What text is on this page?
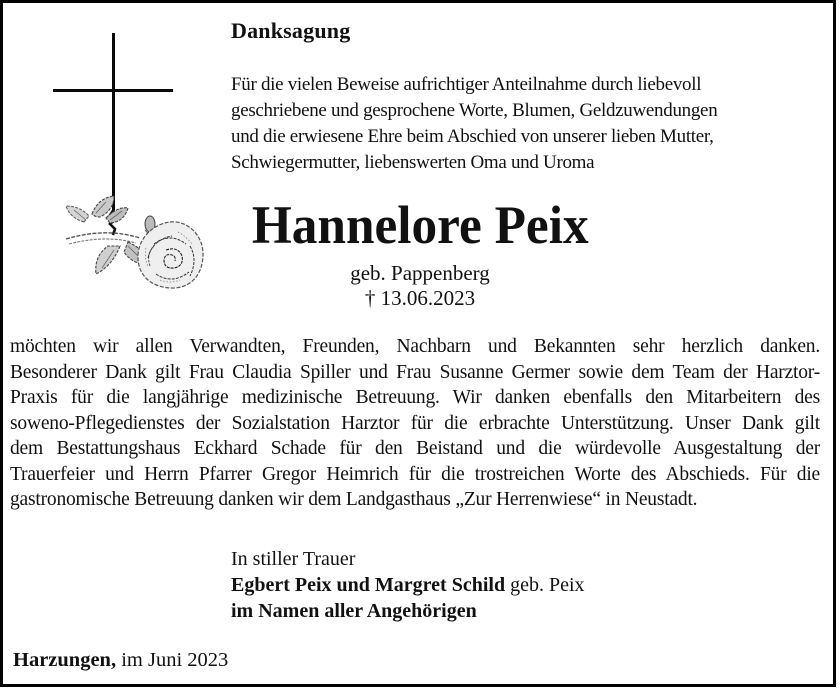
Danksagung
Für die vielen Beweise aufrichtiger Anteilnahme durch liebevoll
geschriebene und gesprochene Worte, Blumen, Geldzuwendungen
und die erwiesene Ehre beim Abschied von unserer lieben Mutter,
Schwiegermutter, liebenswerten Oma und Uroma
Hannelore Peix
geb. Pappenberg
† 13.06.2023
möchten wir allen Verwandten, Freunden, Nachbarn und Bekannten sehr herzlich danken.
Besonderer Dank gilt Frau Claudia Spiller und Frau Susanne Germer sowie dem Team der Harztor-
Praxis für die langjährige medizinische Betreuung. Wir danken ebenfalls den Mitarbeitern des
soweno-Pflegedienstes der Sozialstation Harztor für die erbrachte Unterstützung. Unser Dank gilt
dem Bestattungshaus Eckhard Schade für den Beistand und die würdevolle Ausgestaltung der
Trauerfeier und Herrn Pfarrer Gregor Heimrich für die trostreichen Worte des Abschieds. Für die
gastronomische Betreuung danken wir dem Landgasthaus „Zur Herrenwiese“ in Neustadt.
In stiller Trauer
Egbert Peix und Margret Schild geb. Peix
im Namen aller Angehörigen
Harzungen, im Juni 2023
